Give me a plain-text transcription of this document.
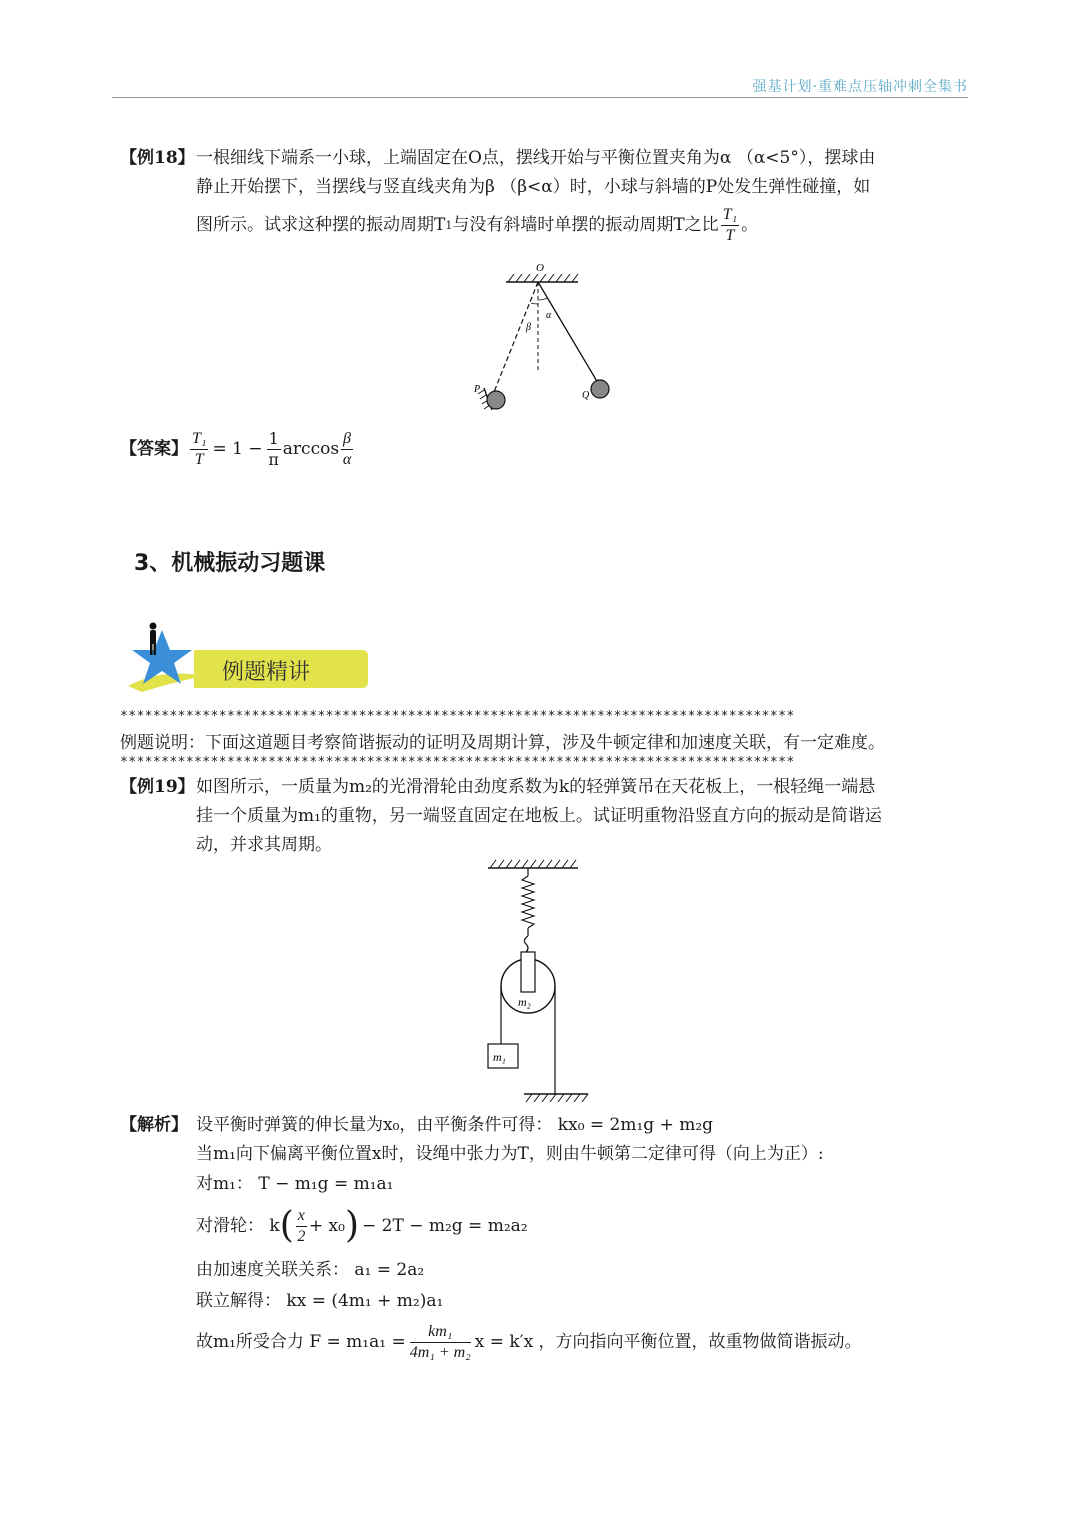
强基计划·重难点压轴冲刺全集书
【例18】 一根细线下端系一小球，上端固定在O点，摆线开始与平衡位置夹角为α （α<5°），摆球由
静止开始摆下，当摆线与竖直线夹角为β （β<α）时，小球与斜墙的P处发生弹性碰撞，如
图所示。试求这种摆的振动周期T 1 与没有斜墙时单摆的振动周期T之比 $\frac{\text{T₁}}{T}$ 。
O
α
β
P
Q
【答案】 $\frac{\text{T₁}}{T} = 1 - \frac{1}{\pi}$ $\arccos \frac{\beta}{\alpha}$
3、机械振动习题课
例题精讲
**********************************************************************************
例题说明：下面这道题目考察简谐振动的证明及周期计算，涉及牛顿定律和加速度关联，有一定难度。
**********************************************************************************
【例19】 如图所示，一质量为m₂的光滑滑轮由劲度系数为k的轻弹簧吊在天花板上，一根轻绳一端悬
挂一个质量为m₁的重物，另一端竖直固定在地板上。试证明重物沿竖直方向的振动是简谐运
动，并求其周期。
m₂
m₁
【解析】 设平衡时弹簧的伸长量为x₀，由平衡条件可得： kx₀ = 2m₁g + m₂g
当m₁向下偏离平衡位置x时，设绳中张力为T，则由牛顿第二定律可得（向上为正）:
对m₁： T − m₁g = m₁a₁
对滑轮： k ( $\frac{x}{2} + x_0$ ) − 2T − m₂g = m₂a₂
由加速度关联关系： a₁ = 2a₂
联立解得： kx = (4m₁ + m₂)a₁
故m₁所受合力 $F = m_1a_1 = \frac{\text{km₁}}{\text{4m₁ + m₂}}$ x = k′x ，方向指向平衡位置，故重物做简谐振动。
